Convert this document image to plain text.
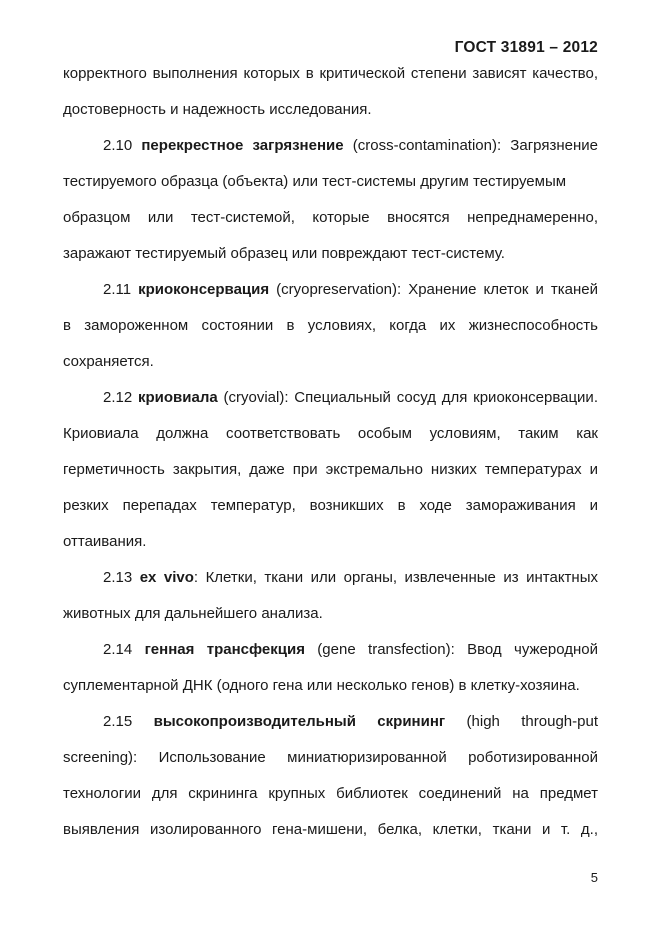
ГОСТ 31891 – 2012
корректного выполнения которых в критической степени зависят качество,
достоверность и надежность исследования.
2.10 перекрестное загрязнение (cross-contamination): Загрязнение
тестируемого образца (объекта) или тест-системы другим тестируемым
образцом или тест-системой, которые вносятся непреднамеренно,
заражают тестируемый образец или повреждают тест-систему.
2.11 криоконсервация (cryopreservation): Хранение клеток и тканей
в замороженном состоянии в условиях, когда их жизнеспособность
сохраняется.
2.12 криовиала (cryovial): Специальный сосуд для криоконсервации.
Криовиала должна соответствовать особым условиям, таким как
герметичность закрытия, даже при экстремально низких температурах и
резких перепадах температур, возникших в ходе замораживания и
оттаивания.
2.13 ex vivo: Клетки, ткани или органы, извлеченные из интактных
животных для дальнейшего анализа.
2.14 генная трансфекция (gene transfection): Ввод чужеродной
суплементарной ДНК (одного гена или несколько генов) в клетку-хозяина.
2.15 высокопроизводительный скрининг (high through-put
screening): Использование миниатюризированной роботизированной
технологии для скрининга крупных библиотек соединений на предмет
выявления изолированного гена-мишени, белка, клетки, ткани и т. д.,
5
